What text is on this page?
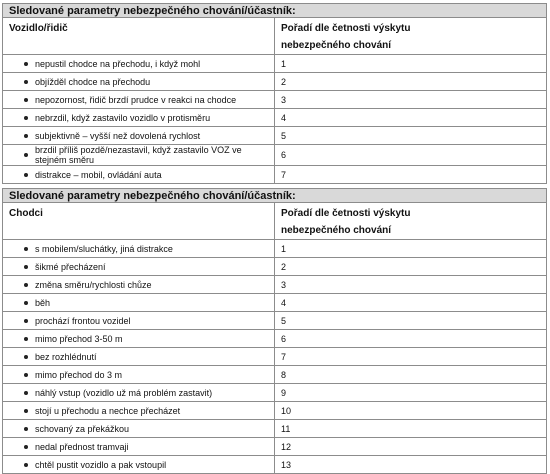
Sledované parametry nebezpečného chování/účastník:	
Vozidlo/řidič	Pořadí dle četnosti výskytu
nebezpečného chování

nepustil chodce na přechodu, i když mohl	1

objížděl chodce na přechodu	2

nepozornost, řidič brzdí prudce v reakci na chodce	3

nebrzdil, když zastavilo vozidlo v protisměru	4

subjektivně – vyšší než dovolená rychlost	5

brzdil příliš pozdě/nezastavil, když zastavilo VOZ ve stejném směru	6

distrakce – mobil, ovládání auta	7
Sledované parametry nebezpečného chování/účastník:	
Chodci	Pořadí dle četnosti výskytu
nebezpečného chování

s mobilem/sluchátky, jiná distrakce	1

šikmé přecházení	2

změna směru/rychlosti chůze	3

běh	4

prochází frontou vozidel	5

mimo přechod 3-50 m	6

bez rozhlédnutí	7

mimo přechod do 3 m	8

náhlý vstup (vozidlo už má problém zastavit)	9

stojí u přechodu a nechce přecházet	10

schovaný za překážkou	11

nedal přednost tramvaji	12

chtěl pustit vozidlo a pak vstoupil	13
